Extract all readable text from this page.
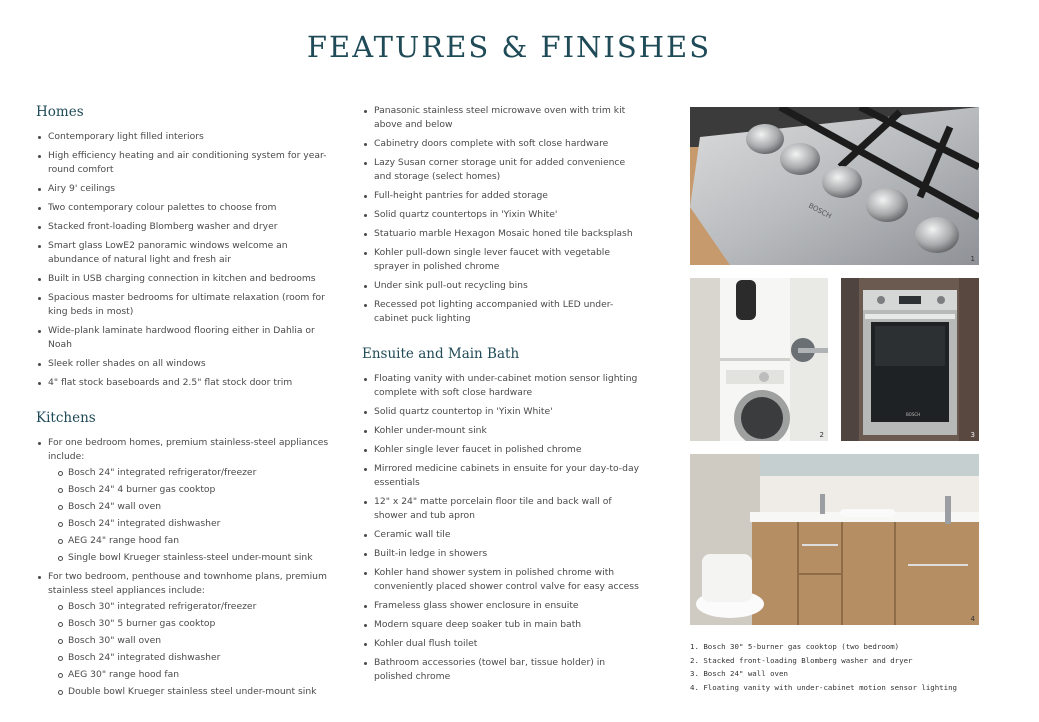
FEATURES & FINISHES
Homes
Contemporary light filled interiors
High efficiency heating and air conditioning system for year-round comfort
Airy 9' ceilings
Two contemporary colour palettes to choose from
Stacked front-loading Blomberg washer and dryer
Smart glass LowE2 panoramic windows welcome an abundance of natural light and fresh air
Built in USB charging connection in kitchen and bedrooms
Spacious master bedrooms for ultimate relaxation (room for king beds in most)
Wide-plank laminate hardwood flooring either in Dahlia or Noah
Sleek roller shades on all windows
4" flat stock baseboards and 2.5" flat stock door trim
Kitchens
For one bedroom homes, premium stainless-steel appliances include:
Bosch 24" integrated refrigerator/freezer
Bosch 24" 4 burner gas cooktop
Bosch 24" wall oven
Bosch 24" integrated dishwasher
AEG 24" range hood fan
Single bowl Krueger stainless-steel under-mount sink
For two bedroom, penthouse and townhome plans, premium stainless steel appliances include:
Bosch 30" integrated refrigerator/freezer
Bosch 30" 5 burner gas cooktop
Bosch 30" wall oven
Bosch 24" integrated dishwasher
AEG 30" range hood fan
Double bowl Krueger stainless steel under-mount sink
Panasonic stainless steel microwave oven with trim kit above and below
Cabinetry doors complete with soft close hardware
Lazy Susan corner storage unit for added convenience and storage (select homes)
Full-height pantries for added storage
Solid quartz countertops in 'Yixin White'
Statuario marble Hexagon Mosaic honed tile backsplash
Kohler pull-down single lever faucet with vegetable sprayer in polished chrome
Under sink pull-out recycling bins
Recessed pot lighting accompanied with LED under-cabinet puck lighting
Ensuite and Main Bath
Floating vanity with under-cabinet motion sensor lighting complete with soft close hardware
Solid quartz countertop in 'Yixin White'
Kohler under-mount sink
Kohler single lever faucet in polished chrome
Mirrored medicine cabinets in ensuite for your day-to-day essentials
12" x 24" matte porcelain floor tile and back wall of shower and tub apron
Ceramic wall tile
Built-in ledge in showers
Kohler hand shower system in polished chrome with conveniently placed shower control valve for easy access
Frameless glass shower enclosure in ensuite
Modern square deep soaker tub in main bath
Kohler dual flush toilet
Bathroom accessories (towel bar, tissue holder) in polished chrome
BOSCH
1
2
BOSCH
3
4
1. Bosch 30" 5-burner gas cooktop (two bedroom)
2. Stacked front-loading Blomberg washer and dryer
3. Bosch 24" wall oven
4. Floating vanity with under-cabinet motion sensor lighting
